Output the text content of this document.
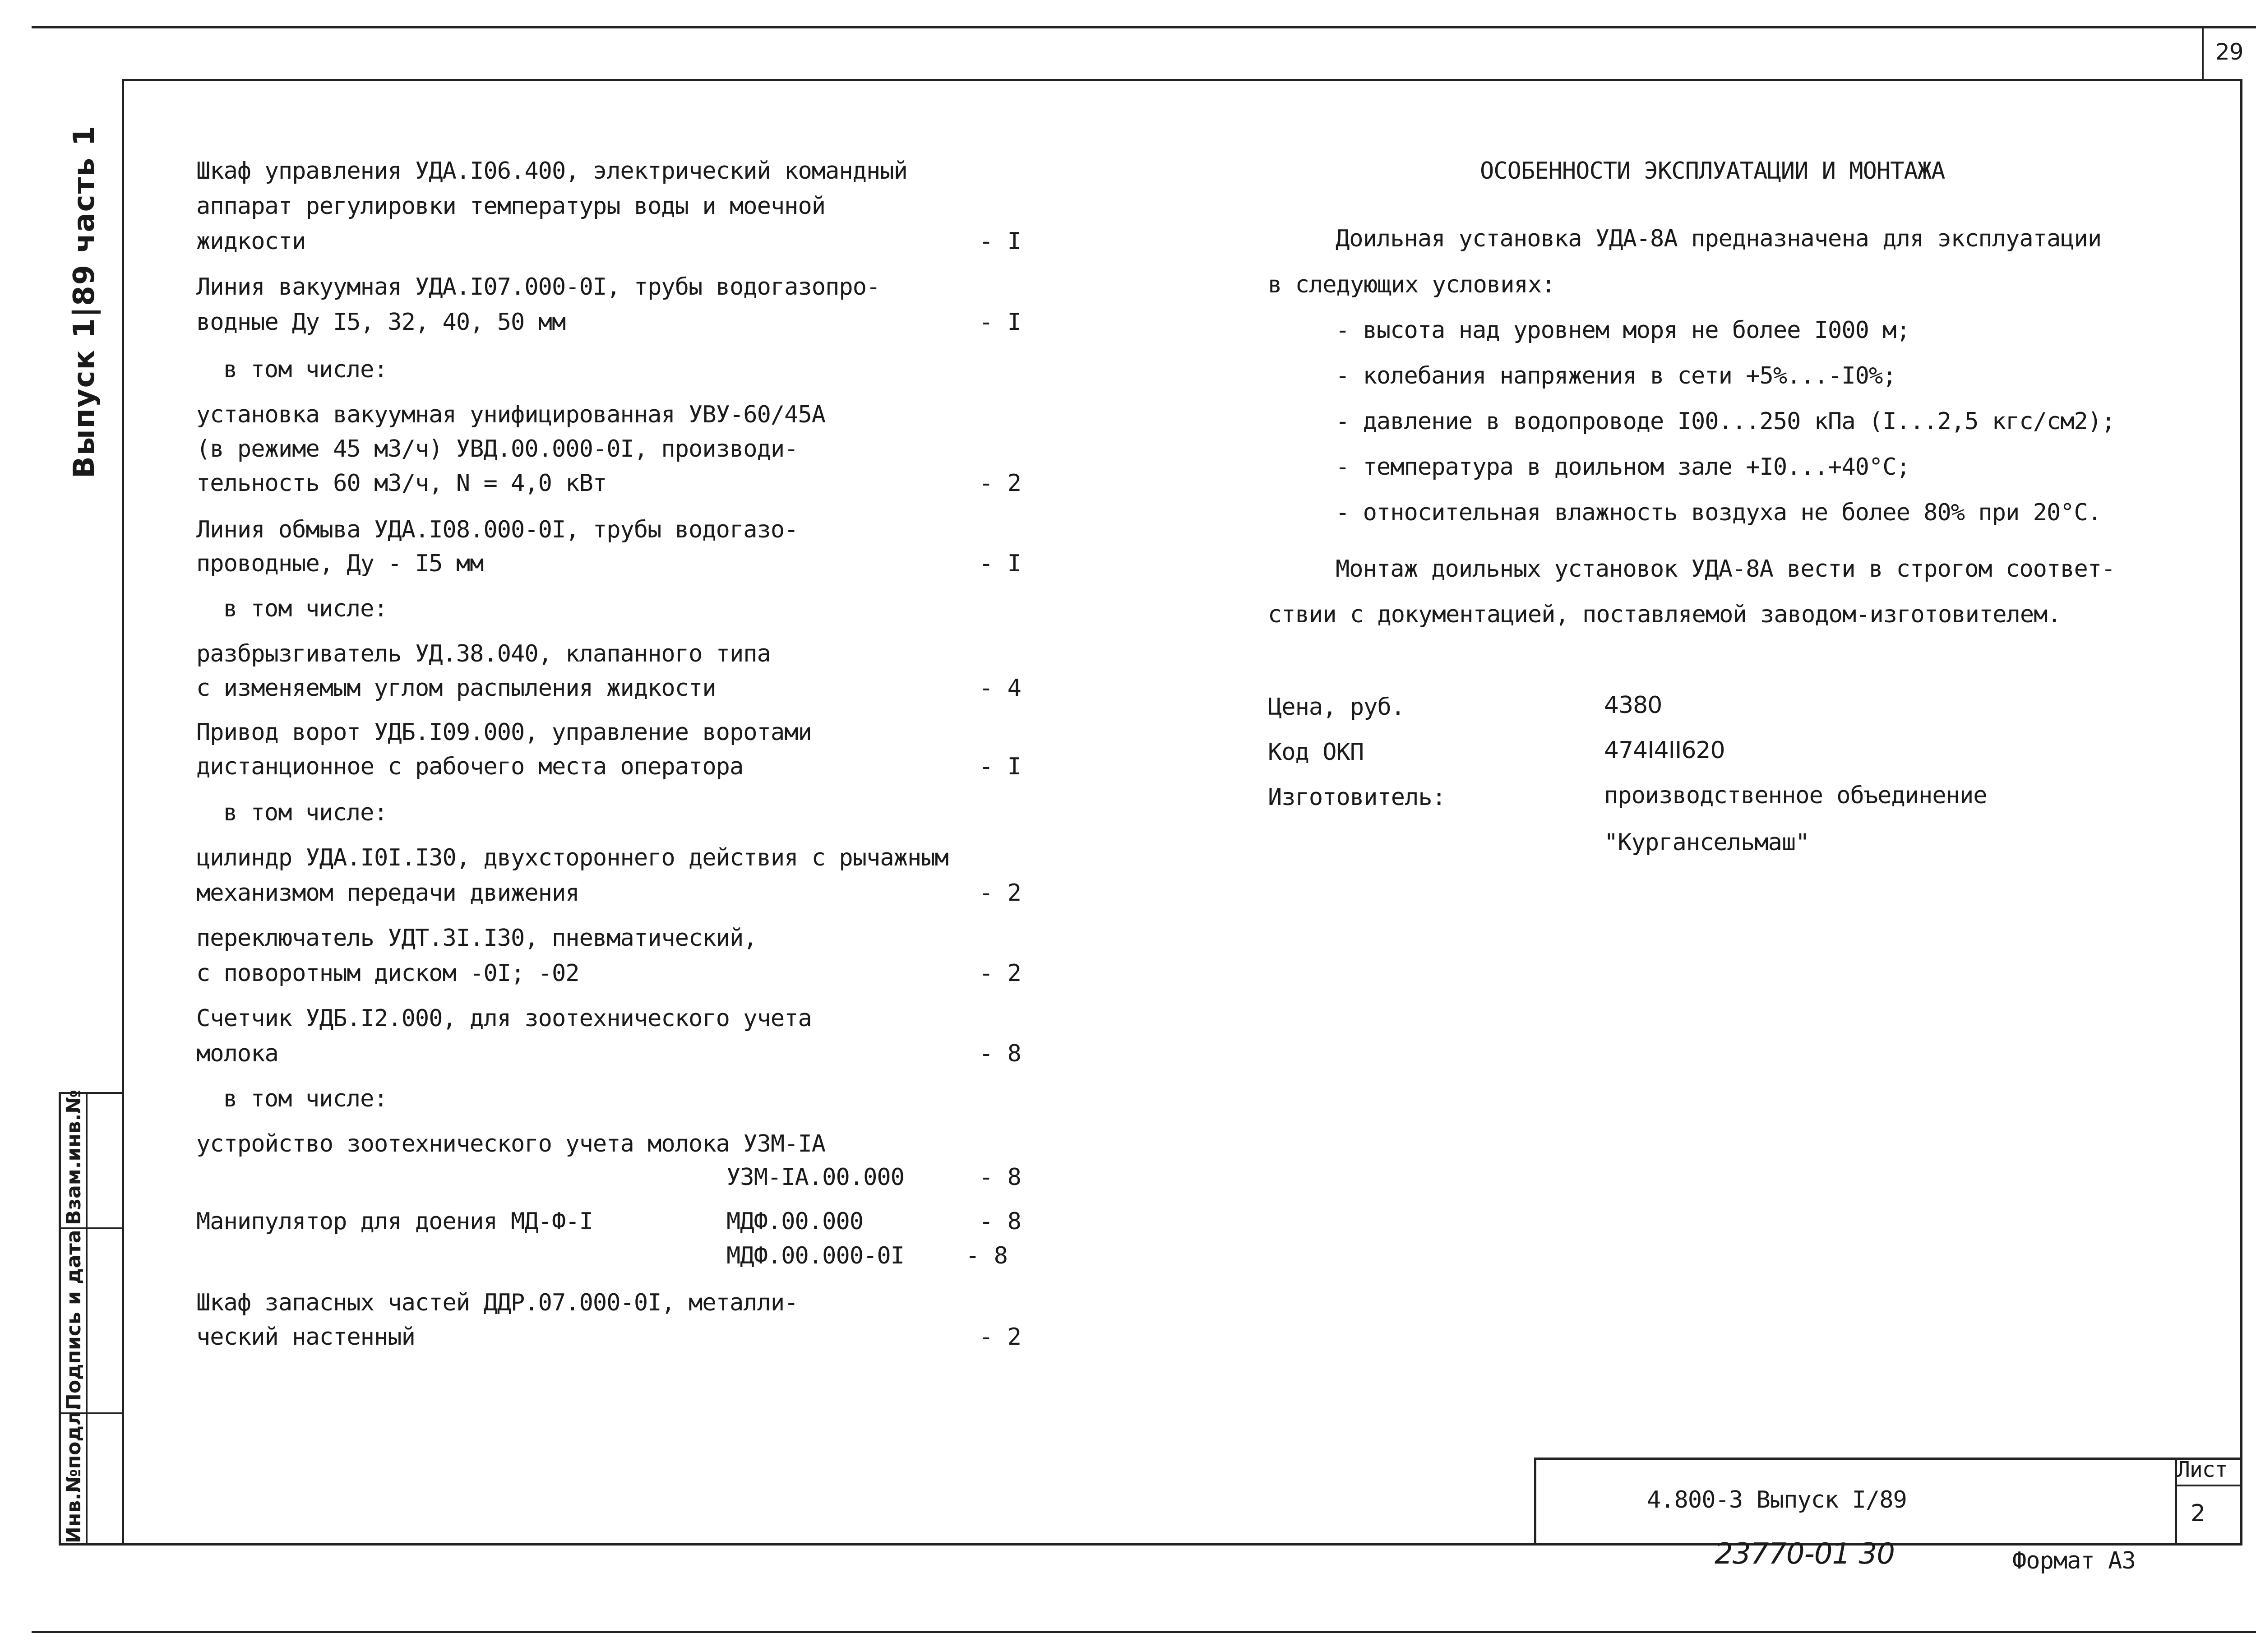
29
Выпуск 1|89 часть 1
Инв.№подл.
Подпись и дата
Взам.инв.№
Шкаф управления УДА.I06.400, электрический командный
аппарат регулировки температуры воды и моечной
жидкости	- I
Линия вакуумная УДА.I07.000-0I, трубы водогазопро-
водные Ду I5, 32, 40, 50 мм	- I
в том числе:
установка вакуумная унифицированная УВУ-60/45А
(в режиме 45 м3/ч) УВД.00.000-0I, производи-
тельность 60 м3/ч, N = 4,0 кВт	- 2
Линия обмыва УДА.I08.000-0I, трубы водогазо-
проводные, Ду - I5 мм	- I
в том числе:
разбрызгиватель УД.38.040, клапанного типа
с изменяемым углом распыления жидкости	- 4
Привод ворот УДБ.I09.000, управление воротами
дистанционное с рабочего места оператора	- I
в том числе:
цилиндр УДА.I0I.I30, двухстороннего действия с рычажным
механизмом передачи движения	- 2
переключатель УДТ.3I.I30, пневматический,
с поворотным диском -0I; -02	- 2
Счетчик УДБ.I2.000, для зоотехнического учета
молока	- 8
в том числе:
устройство зоотехнического учета молока УЗМ-IА
УЗМ-IА.00.000	- 8
Манипулятор для доения МД-Ф-I	МДФ.00.000	- 8
МДФ.00.000-0I	- 8
Шкаф запасных частей ДДР.07.000-0I, металли-
ческий настенный	- 2
ОСОБЕННОСТИ ЭКСПЛУАТАЦИИ И МОНТАЖА
Доильная установка УДА-8А предназначена для эксплуатации
в следующих условиях:
- высота над уровнем моря не более I000 м;
- колебания напряжения в сети +5%...-I0%;
- давление в водопроводе I00...250 кПа (I...2,5 кгс/см2);
- температура в доильном зале +I0...+40°C;
- относительная влажность воздуха не более 80% при 20°C.
Монтаж доильных установок УДА-8А вести в строгом соответ-
ствии с документацией, поставляемой заводом-изготовителем.
Цена, руб.	4380
Код ОКП	474I4II620
Изготовитель:	производственное объединение
"Кургансельмаш"
4.800-3 Выпуск I/89
Лист
2
23770-01 30	Формат А3
